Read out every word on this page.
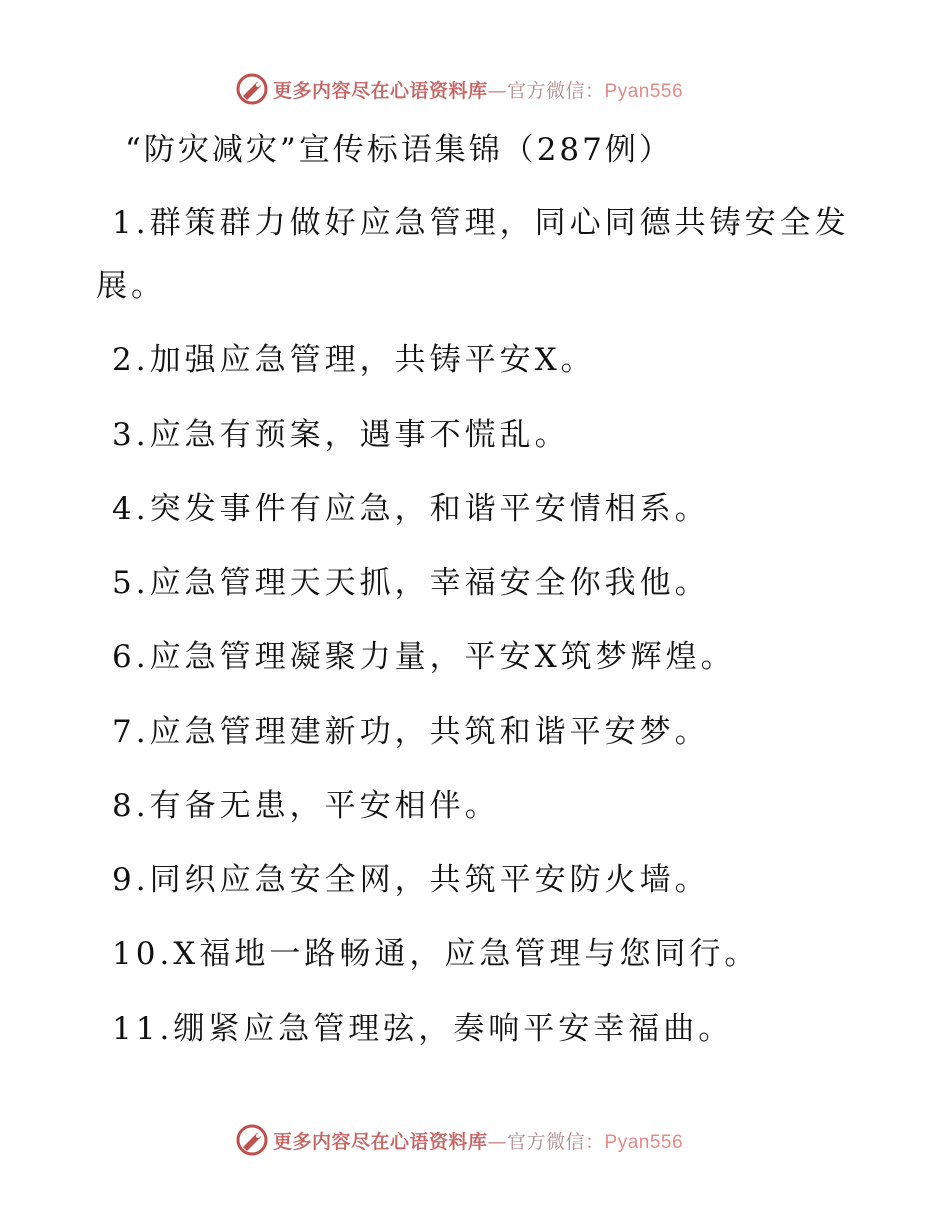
更多内容尽在心语资料库—官方微信：Pyan556
“防灾减灾”宣传标语集锦（287例）
1.群策群力做好应急管理，同心同德共铸安全发
展。
2.加强应急管理，共铸平安X。
3.应急有预案，遇事不慌乱。
4.突发事件有应急，和谐平安情相系。
5.应急管理天天抓，幸福安全你我他。
6.应急管理凝聚力量，平安X筑梦辉煌。
7.应急管理建新功，共筑和谐平安梦。
8.有备无患，平安相伴。
9.同织应急安全网，共筑平安防火墙。
10.X福地一路畅通，应急管理与您同行。
11.绷紧应急管理弦，奏响平安幸福曲。
更多内容尽在心语资料库—官方微信：Pyan556
